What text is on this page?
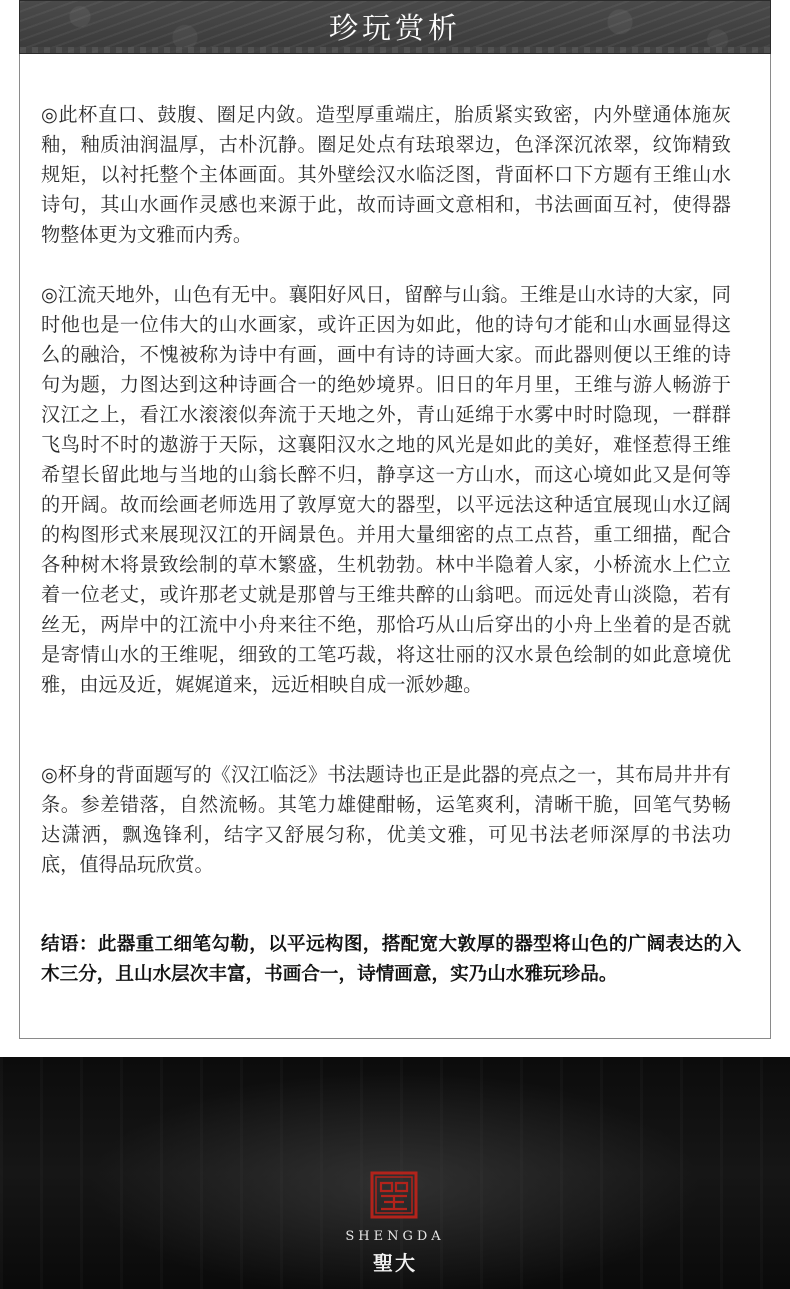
珍玩赏析

◎此杯直口、鼓腹、圈足内敛。造型厚重端庄，胎质紧实致密，内外壁通体施灰釉，釉质油润温厚，古朴沉静。圈足处点有珐琅翠边，色泽深沉浓翠，纹饰精致规矩，以衬托整个主体画面。其外壁绘汉水临泛图，背面杯口下方题有王维山水诗句，其山水画作灵感也来源于此，故而诗画文意相和，书法画面互衬，使得器物整体更为文雅而内秀。

◎江流天地外，山色有无中。襄阳好风日，留醉与山翁。王维是山水诗的大家，同时他也是一位伟大的山水画家，或许正因为如此，他的诗句才能和山水画显得这么的融洽，不愧被称为诗中有画，画中有诗的诗画大家。而此器则便以王维的诗句为题，力图达到这种诗画合一的绝妙境界。旧日的年月里，王维与游人畅游于汉江之上，看江水滚滚似奔流于天地之外，青山延绵于水雾中时时隐现，一群群飞鸟时不时的遨游于天际，这襄阳汉水之地的风光是如此的美好，难怪惹得王维希望长留此地与当地的山翁长醉不归，静享这一方山水，而这心境如此又是何等的开阔。故而绘画老师选用了敦厚宽大的器型，以平远法这种适宜展现山水辽阔的构图形式来展现汉江的开阔景色。并用大量细密的点工点苔，重工细描，配合各种树木将景致绘制的草木繁盛，生机勃勃。林中半隐着人家，小桥流水上伫立着一位老丈，或许那老丈就是那曾与王维共醉的山翁吧。而远处青山淡隐，若有丝无，两岸中的江流中小舟来往不绝，那恰巧从山后穿出的小舟上坐着的是否就是寄情山水的王维呢，细致的工笔巧裁，将这壮丽的汉水景色绘制的如此意境优雅，由远及近，娓娓道来，远近相映自成一派妙趣。

◎杯身的背面题写的《汉江临泛》书法题诗也正是此器的亮点之一，其布局井井有条。参差错落，自然流畅。其笔力雄健酣畅，运笔爽利，清晰干脆，回笔气势畅达潇洒，飘逸锋利，结字又舒展匀称，优美文雅，可见书法老师深厚的书法功底，值得品玩欣赏。

结语：此器重工细笔勾勒，以平远构图，搭配宽大敦厚的器型将山色的广阔表达的入木三分，且山水层次丰富，书画合一，诗情画意，实乃山水雅玩珍品。

SHENGDA
聖大
